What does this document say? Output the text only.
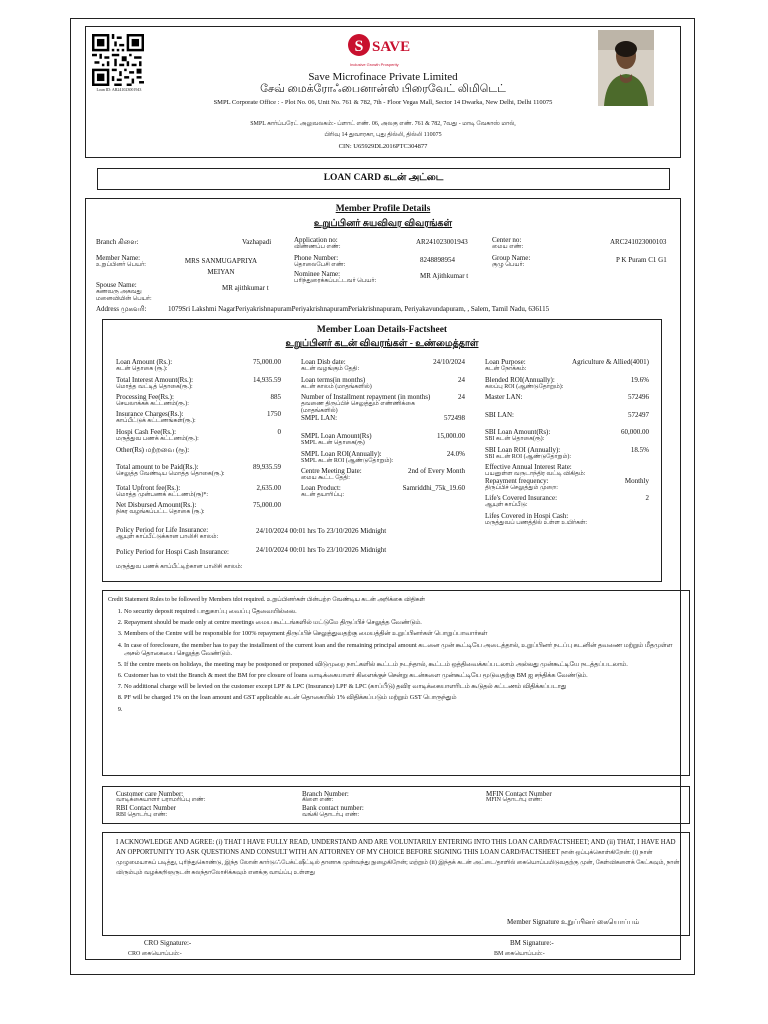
Loan ID: AR241023001943
S SAVE
Inclusive Growth Prosperity
Save Microfinace Private Limited
சேவ் மைக்ரோஃபைனான்ஸ் பிரைவேட் லிமிடெட்
SMPL Corporate Office : - Plot No. 06, Unit No. 761 & 782, 7th - Floor Vegas Mall, Sector 14 Dwarka, New Delhi, Delhi 110075
SMPL கார்ப்பரேட் அலுவலகம்:- ப்ளாட் எண். 06, அலகு எண். 761 & 782, 7வது - மாடி வேகாஸ் மால்,
பிரிவு 14 துவாரகா, புது தில்லி, தில்லி 110075
CIN: U65929DL2016PTC304877
LOAN CARD கடன் அட்டை
Member Profile Details
உறுப்பினர் சுயவிவர விவரங்கள்
Branch கிளை:	Vazhapadi	Application no:
விண்ணப்ப எண்:
AR241023001943	Center no:
மைய எண்:
ARC241023000103
Member Name:
உறுப்பினர் பெயர்:	MRS SANMUGAPRIYA MEIYAN
Phone Number:
தொலைபேசி எண்:
8248898954	Group Name:
குழு பெயர்:
P K Puram C1 G1
Nominee Name:
பரிந்துரைக்கப்பட்டவர் பெயர்:
MR Ajithkumar t
Spouse Name:
கணவரு அகவது மனைவியின் பெயர்:
MR ajithkumar t
Address முகவரி:	1079Sri Lakshmi NagarPeriyakrishnapuramPeriyakrishnapuramPeriakrishnapuram, Periyakavundapuram, , Salem, Tamil Nadu, 636115
Member Loan Details-Factsheet
உறுப்பினர் கடன் விவரங்கள் - உண்மைத்தாள்
Loan Amount (Rs.):
கடன் தொகை (ரூ.):
75,000.00
Total Interest Amount(Rs.):
மொத்த வட்டித் தொகை(ரூ.):
14,935.59
Processing Fee(Rs.):
செயலாக்கக் கட்டணம்(ரூ.):
885
Insurance Charges(Rs.):
காப்பீட்டுக் கட்டணங்கள்(ரூ.):
1750
Hospi Cash Fee(Rs.):
மருத்துவ பணக் கட்டணம்(ரூ.):
0
Other(Rs) மற்றவை (ரூ):
Total amount to be Paid(Rs.):
செலுத்த வேண்டிய மொத்த தொகை(ரூ.):
89,935.59
Total Upfront fee(Rs.):
மொத்த முன்பணக் கட்டணம்(ரூ)*:
2,635.00
Net Disbursed Amount(Rs.):
நிகர வழங்கப்பட்ட தொகை (ரூ.):
75,000.00
Loan Disb date:
கடன் வழங்கும் தேதி:
24/10/2024
Loan terms(in months)
கடன் காலம் (மாதங்களில்)
24
Number of Installment repayment (in months)
தவணை திருப்பிச் செலுத்தும் எண்ணிக்கை (மாதங்களில்)
24
SMPL LAN:	572498
SMPL Loan Amount(Rs)
SMPL கடன் தொகை(ரூ)
15,000.00
SMPL Loan ROI(Annually):
SMPL கடன் ROI (ஆண்டுதோறும்):
24.0%
Centre Meeting Date:
மைய கூட்ட தேதி:
2nd of Every Month
Loan Product:
கடன் தயாரிப்பு:
Samriddhi_75k_19.60
Loan Purpose:
கடன் நோக்கம்:
Agriculture & Allied(4001)
Blended ROI(Annually):
கலப்பு ROI (ஆண்டுதோறும்):
19.6%
Master LAN:	572496
SBI LAN:	572497
SBI Loan Amount(Rs):
SBI கடன் தொகை(ரூ):
60,000.00
SBI Loan ROI (Annually):
SBI கடன் ROI (ஆண்டுதோறும்):
18.5%
Effective Annual Interest Rate:
பயனுள்ள வருடாந்திர வட்டி விகிதம்:
Repayment frequency:
திருப்பிச் செலுத்தும் முறை:
Monthly
Life's Covered Insurance:
ஆயுள் காப்பீடு:
2
Lifes Covered in Hospi Cash:
மருத்துவப் பணத்தில் உள்ள உயிர்கள்:
Policy Period for Life Insurance:
ஆயுள் காப்பீட்டுக்கான பாலிசி காலம்:
24/10/2024 00:01 hrs To 23/10/2026 Midnight
Policy Period for Hospi Cash Insurance:
மருத்துவ பணக் காப்பீட்டிற்கான பாலிசி காலம்:
24/10/2024 00:01 hrs To 23/10/2026 Midnight
Credit Statement Rules to be followed by Members tdot required. உறுப்பினர்கள் பின்பற்ற வேண்டிய கடன் அறிக்கை விதிகள்
1. No security deposit required பாதுகாப்பு வைப்பு தேவையில்லை.
2. Repayment should be made only at centre meetings மைய கூட்டங்களில் மட்டுமே திருப்பிச் செலுத்த வேண்டும்.
3. Members of the Centre will be responsible for 100% repayment திருப்பிச் செலுத்துவதற்கு மையத்தின் உறுப்பினர்கள் பொறுப்பாவார்கள்
4. In case of foreclosure, the member has to pay the installment of the current loan and the remaining principal amount கடனை முன் கூட்டியே அடைத்தால், உறுப்பினர் நடப்பு கடனின் தவணை மற்றும் மீதமுள்ள அசல் தொகையை செலுத்த வேண்டும்.
5. If the centre meets on holidays, the meeting may be postponed or preponed விடுமுறை நாட்களில் கூட்டம் நடந்தால், கூட்டம் ஒத்திவைக்கப்படலாம் அல்லது முன்கூட்டியே நடத்தப்படலாம்.
6. Customer has to visit the Branch & meet the BM for pre closure of loans வாடிக்கையாளர் கிளைக்குச் சென்று கடன்களை முன்கூட்டியே மூடுவதற்கு BM ஐ சந்திக்க வேண்டும்.
7. No additional charge will be levied on the customer except LPF & LPC (Insurance) LPF & LPC (காப்பீடு) தவிர வாடிக்கையாளரிடம் கூடுதல் கட்டணம் விதிக்கப்படாது
8. PF will be charged 1% on the loan amount and GST applicable கடன் தொகையில் 1% விதிக்கப்படும் மற்றும் GST பொருந்தும்
9.
Customer care Number:
வாடிக்கையாளர் பராமரிப்பு எண்:
RBI Contact Number
RBI தொடர்பு எண்:
Branch Number:
கிளை எண்:
Bank contact number:
வங்கி தொடர்பு எண்:
MFIN Contact Number
MFIN தொடர்பு எண்:
I ACKNOWLEDGE AND AGREE: (i) THAT I HAVE FULLY READ, UNDERSTAND AND ARE VOLUNTARILY ENTERING INTO THIS LOAN CARD/FACTSHEET; AND (ii) THAT, I HAVE HAD AN OPPORTUNITY TO ASK QUESTIONS AND CONSULT WITH AN ATTORNEY OF MY CHOICE BEFORE SIGNING THIS LOAN CARD/FACTSHEET நான் ஒப்புக்கொள்கிறேன்: (i) நான் முழுமையாகப் படித்து, புரிந்துகொண்டு, இந்த லோன் கார்டு/ஃபேக்ட்ஷீட்டில் தானாக முன்வந்து நுழைகிறேன்; மற்றும் (ii) இந்தக் கடன் அட்டை/தாளில் கையொப்பமிடுவதற்கு முன், கேள்விகளைக் கேட்கவும், நான் விரும்பும் வழக்கறிஞருடன் கலந்தாலோசிக்கவும் எனக்கு வாய்ப்பு உள்ளது
Member Signature உறுப்பினர் கையொப்பம்
CRO Signature:-
CRO கையொப்பம்:-
BM Signature:-
BM கையொப்பம்:-
